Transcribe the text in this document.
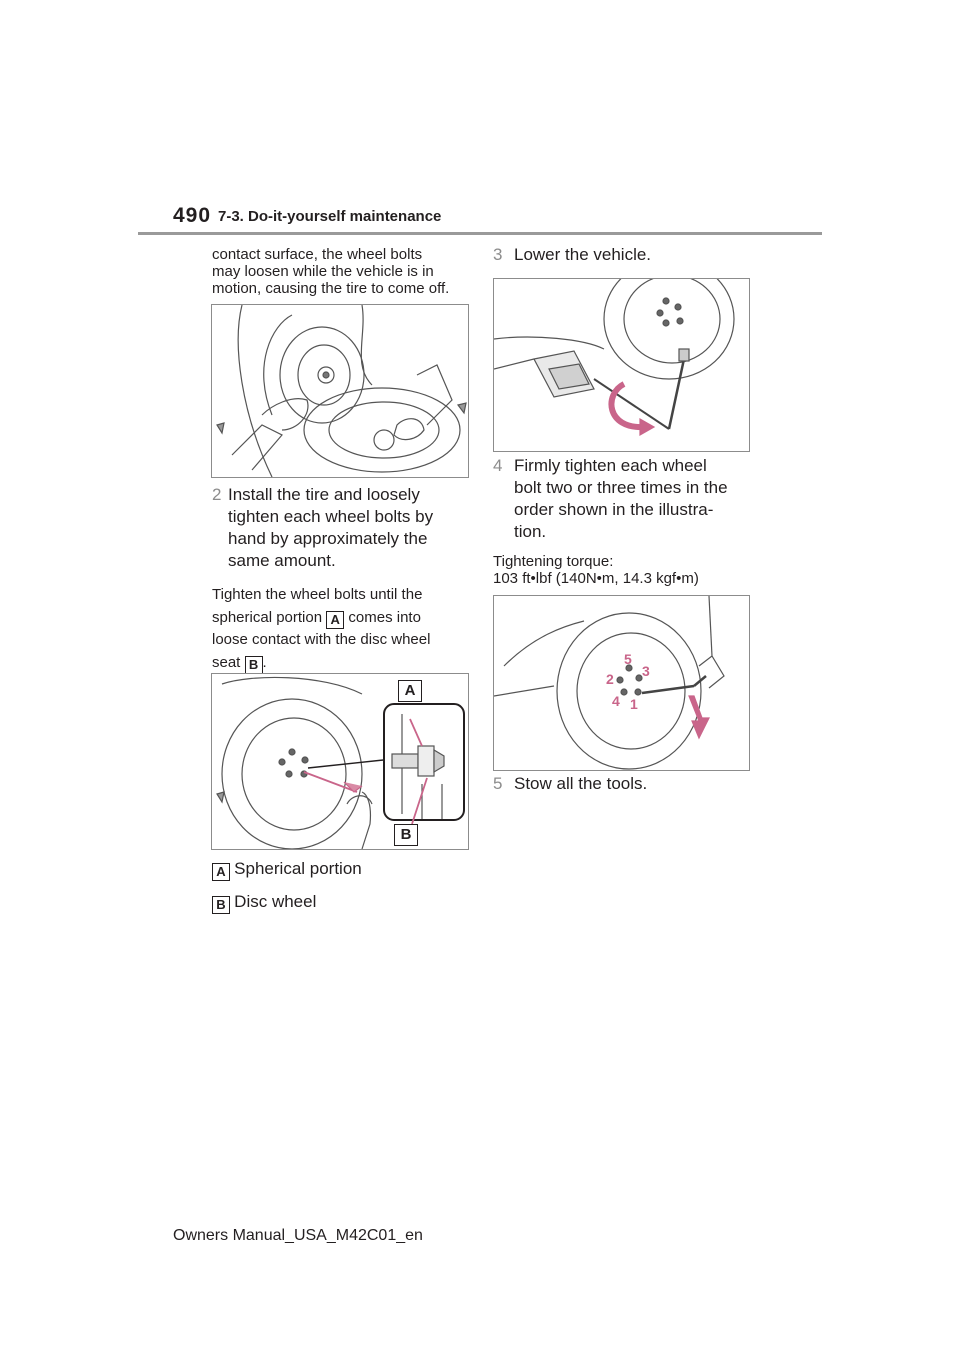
490 7-3. Do-it-yourself maintenance
contact surface, the wheel bolts
may loosen while the vehicle is in
motion, causing the tire to come off.
2 Install the tire and loosely
tighten each wheel bolts by
hand by approximately the
same amount.
Tighten the wheel bolts until the
spherical portion A comes into
loose contact with the disc wheel
seat B .
A
B
A Spherical portion
B Disc wheel
3 Lower the vehicle.
4 Firmly tighten each wheel
bolt two or three times in the
order shown in the illustra-
tion.
Tightening torque:
103 ft•lbf (140N•m, 14.3 kgf•m)
5
3
2
4 1
5 Stow all the tools.
Owners Manual_USA_M42C01_en
